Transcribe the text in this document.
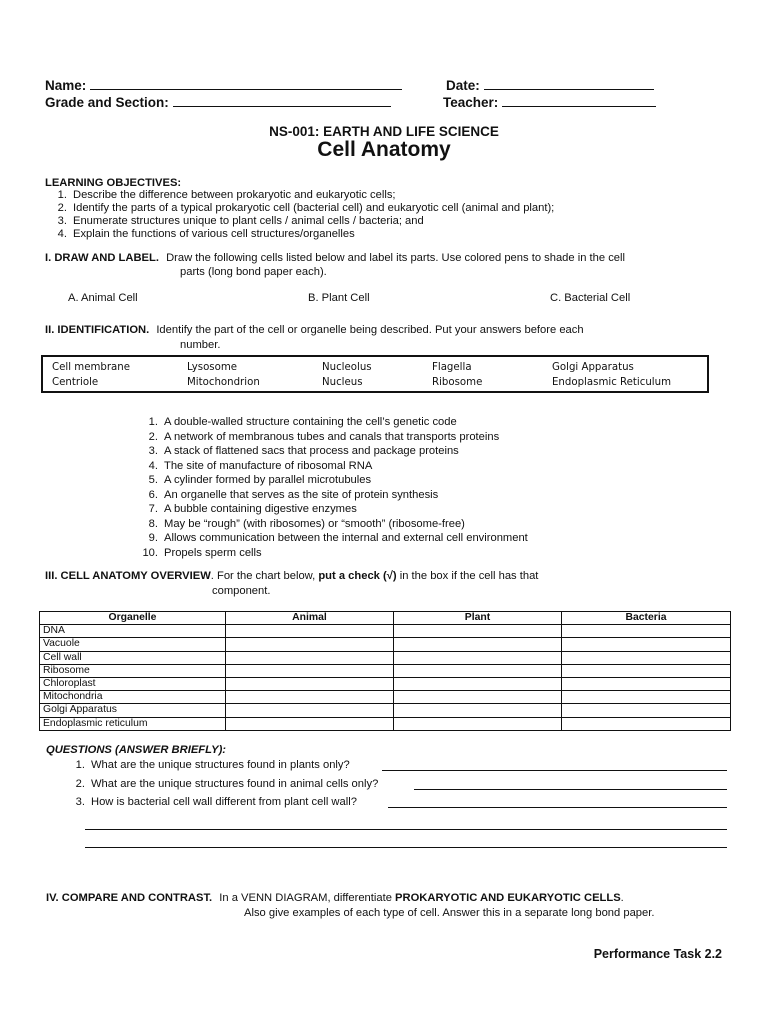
Name:	Date:
Grade and Section:	Teacher:
NS-001: EARTH AND LIFE SCIENCE
Cell Anatomy
LEARNING OBJECTIVES:
1. Describe the difference between prokaryotic and eukaryotic cells;
2. Identify the parts of a typical prokaryotic cell (bacterial cell) and eukaryotic cell (animal and plant);
3. Enumerate structures unique to plant cells / animal cells / bacteria; and
4. Explain the functions of various cell structures/organelles
I. DRAW AND LABEL. Draw the following cells listed below and label its parts. Use colored pens to shade in the cell
parts (long bond paper each).
A. Animal Cell	B. Plant Cell	C. Bacterial Cell
II. IDENTIFICATION. Identify the part of the cell or organelle being described. Put your answers before each
number.
Cell membrane	Lysosome	Nucleolus	Flagella	Golgi Apparatus
Centriole	Mitochondrion	Nucleus	Ribosome	Endoplasmic Reticulum
1. A double-walled structure containing the cell’s genetic code
2. A network of membranous tubes and canals that transports proteins
3. A stack of flattened sacs that process and package proteins
4. The site of manufacture of ribosomal RNA
5. A cylinder formed by parallel microtubules
6. An organelle that serves as the site of protein synthesis
7. A bubble containing digestive enzymes
8. May be “rough” (with ribosomes) or “smooth” (ribosome-free)
9. Allows communication between the internal and external cell environment
10. Propels sperm cells
III. CELL ANATOMY OVERVIEW. For the chart below, put a check (√) in the box if the cell has that
component.
Organelle	Animal	Plant	Bacteria
DNA			
Vacuole			
Cell wall			
Ribosome			
Chloroplast			
Mitochondria			
Golgi Apparatus			
Endoplasmic reticulum			
QUESTIONS (ANSWER BRIEFLY):
1. What are the unique structures found in plants only?
2. What are the unique structures found in animal cells only?
3. How is bacterial cell wall different from plant cell wall?
IV. COMPARE AND CONTRAST. In a VENN DIAGRAM, differentiate PROKARYOTIC AND EUKARYOTIC CELLS.
Also give examples of each type of cell. Answer this in a separate long bond paper.
Performance Task 2.2
